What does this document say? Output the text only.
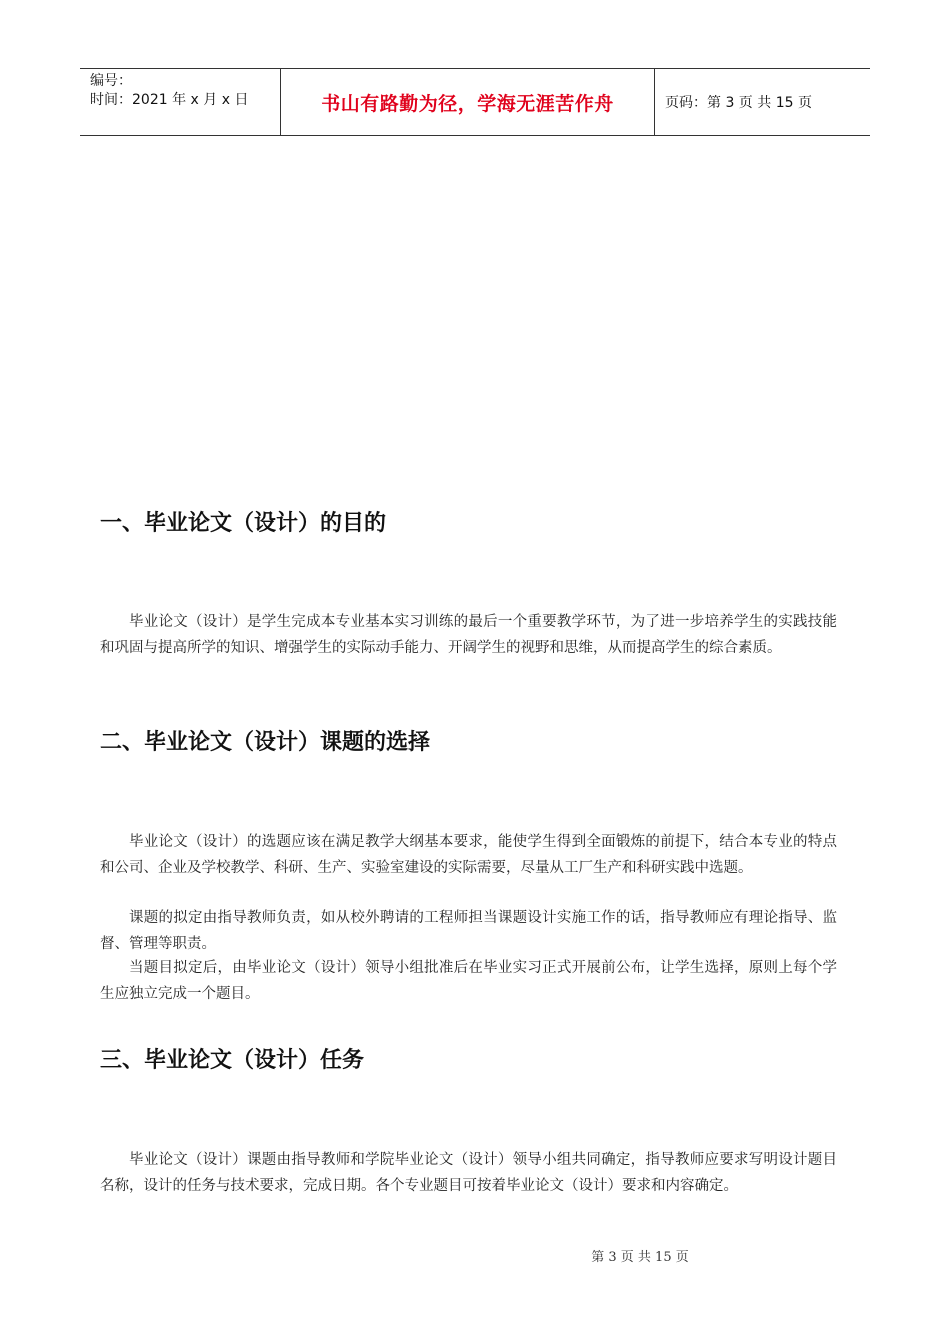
编号：
时间：2021 年 x 月 x 日	书山有路勤为径，学海无涯苦作舟	页码：第 3 页 共 15 页
一、毕业论文（设计）的目的

毕业论文（设计）是学生完成本专业基本实习训练的最后一个重要教学环节，为了进一步培养学生的实践技能和巩固与提高所学的知识、增强学生的实际动手能力、开阔学生的视野和思维，从而提高学生的综合素质。

二、毕业论文（设计）课题的选择

毕业论文（设计）的选题应该在满足教学大纲基本要求，能使学生得到全面锻炼的前提下，结合本专业的特点和公司、企业及学校教学、科研、生产、实验室建设的实际需要，尽量从工厂生产和科研实践中选题。

课题的拟定由指导教师负责，如从校外聘请的工程师担当课题设计实施工作的话，指导教师应有理论指导、监督、管理等职责。

当题目拟定后，由毕业论文（设计）领导小组批准后在毕业实习正式开展前公布，让学生选择，原则上每个学生应独立完成一个题目。

三、毕业论文（设计）任务

毕业论文（设计）课题由指导教师和学院毕业论文（设计）领导小组共同确定，指导教师应要求写明设计题目名称，设计的任务与技术要求，完成日期。各个专业题目可按着毕业论文（设计）要求和内容确定。

第 3 页 共 15 页
